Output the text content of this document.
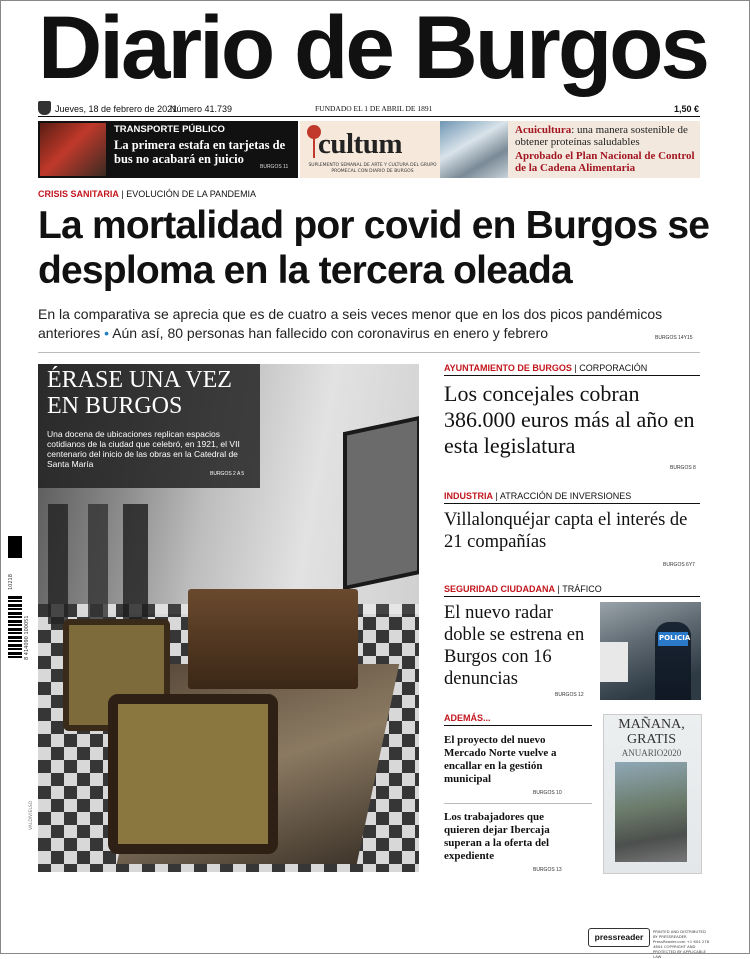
Diario de Burgos
Jueves, 18 de febrero de 2021
Número 41.739	FUNDADO EL 1 DE ABRIL DE 1891	1,50 €
TRANSPORTE PÚBLICO
La primera estafa en tarjetas de bus no acabará en juicio
BURGOS 11
cultum
SUPLEMENTO SEMANAL DE ARTE Y CULTURA DEL GRUPO PROMECAL CON DIARIO DE BURGOS
Acuicultura: una manera sostenible de obtener proteínas saludables
Aprobado el Plan Nacional de Control de la Cadena Alimentaria
CRISIS SANITARIA | EVOLUCIÓN DE LA PANDEMIA
La mortalidad por covid en Burgos se desploma en la tercera oleada
En la comparativa se aprecia que es de cuatro a seis veces menor que en los dos picos pandémicos anteriores • Aún así, 80 personas han fallecido con coronavirus en enero y febrero	BURGOS 14Y15
ÉRASE UNA VEZ EN BURGOS
Una docena de ubicaciones replican espacios cotidianos de la ciudad que celebró, en 1921, el VII centenario del inicio de las obras en la Catedral de Santa María
BURGOS 2 A 5
VALDIVIELSO
AYUNTAMIENTO DE BURGOS | CORPORACIÓN
Los concejales cobran 386.000 euros más al año en esta legislatura
BURGOS 8
INDUSTRIA | ATRACCIÓN DE INVERSIONES
Villalonquéjar capta el interés de 21 compañías
BURGOS 6Y7
SEGURIDAD CIUDADANA | TRÁFICO
El nuevo radar doble se estrena en Burgos con 16 denuncias
BURGOS 12
POLICIA
ADEMÁS...
El proyecto del nuevo Mercado Norte vuelve a encallar en la gestión municipal
BURGOS 10
Los trabajadores que quieren dejar Ibercaja superan a la oferta del expediente
BURGOS 13
MAÑANA, GRATIS
ANUARIO2020
10218
8 414090 100051
pressreader
PRINTED AND DISTRIBUTED BY PRESSREADER PressReader.com +1 604 278 4604 COPYRIGHT AND PROTECTED BY APPLICABLE LAW
